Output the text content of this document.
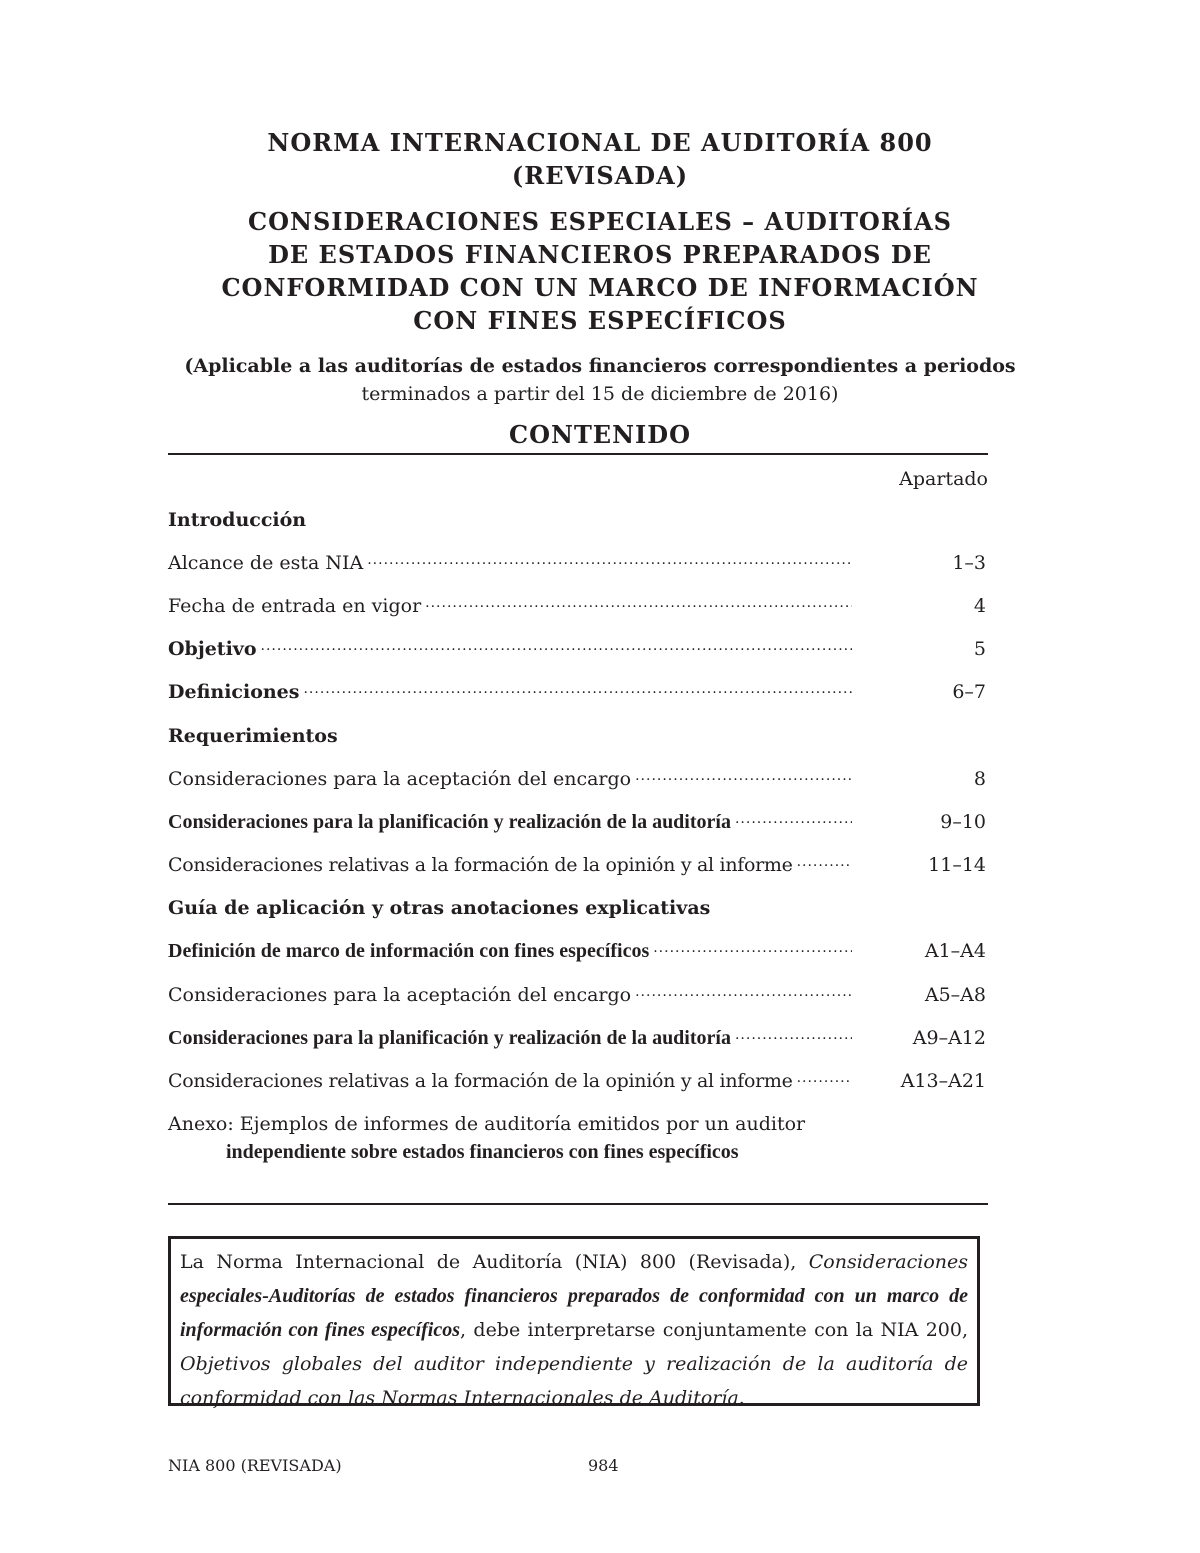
NORMA INTERNACIONAL DE AUDITORÍA 800
(REVISADA)
CONSIDERACIONES ESPECIALES – AUDITORÍAS
DE ESTADOS FINANCIEROS PREPARADOS DE
CONFORMIDAD CON UN MARCO DE INFORMACIÓN
CON FINES ESPECÍFICOS
(Aplicable a las auditorías de estados financieros correspondientes a periodos
terminados a partir del 15 de diciembre de 2016)
CONTENIDO
Apartado
Introducción
Alcance de esta NIA .....	1–3
Fecha de entrada en vigor .....	4
Objetivo .....	5
Definiciones .....	6–7
Requerimientos
Consideraciones para la aceptación del encargo .....	8
Consideraciones para la planificación y realización de la auditoría .....	9–10
Consideraciones relativas a la formación de la opinión y al informe .....	11–14
Guía de aplicación y otras anotaciones explicativas
Definición de marco de información con fines específicos .....	A1–A4
Consideraciones para la aceptación del encargo .....	A5–A8
Consideraciones para la planificación y realización de la auditoría .....	A9–A12
Consideraciones relativas a la formación de la opinión y al informe .....	A13–A21
Anexo: Ejemplos de informes de auditoría emitidos por un auditor
independiente sobre estados financieros con fines específicos
La Norma Internacional de Auditoría (NIA) 800 (Revisada), Consideraciones especiales-Auditorías de estados financieros preparados de conformidad con un marco de información con fines específicos, debe interpretarse conjuntamente con la NIA 200, Objetivos globales del auditor independiente y realización de la auditoría de conformidad con las Normas Internacionales de Auditoría.
NIA 800 (REVISADA)	984
